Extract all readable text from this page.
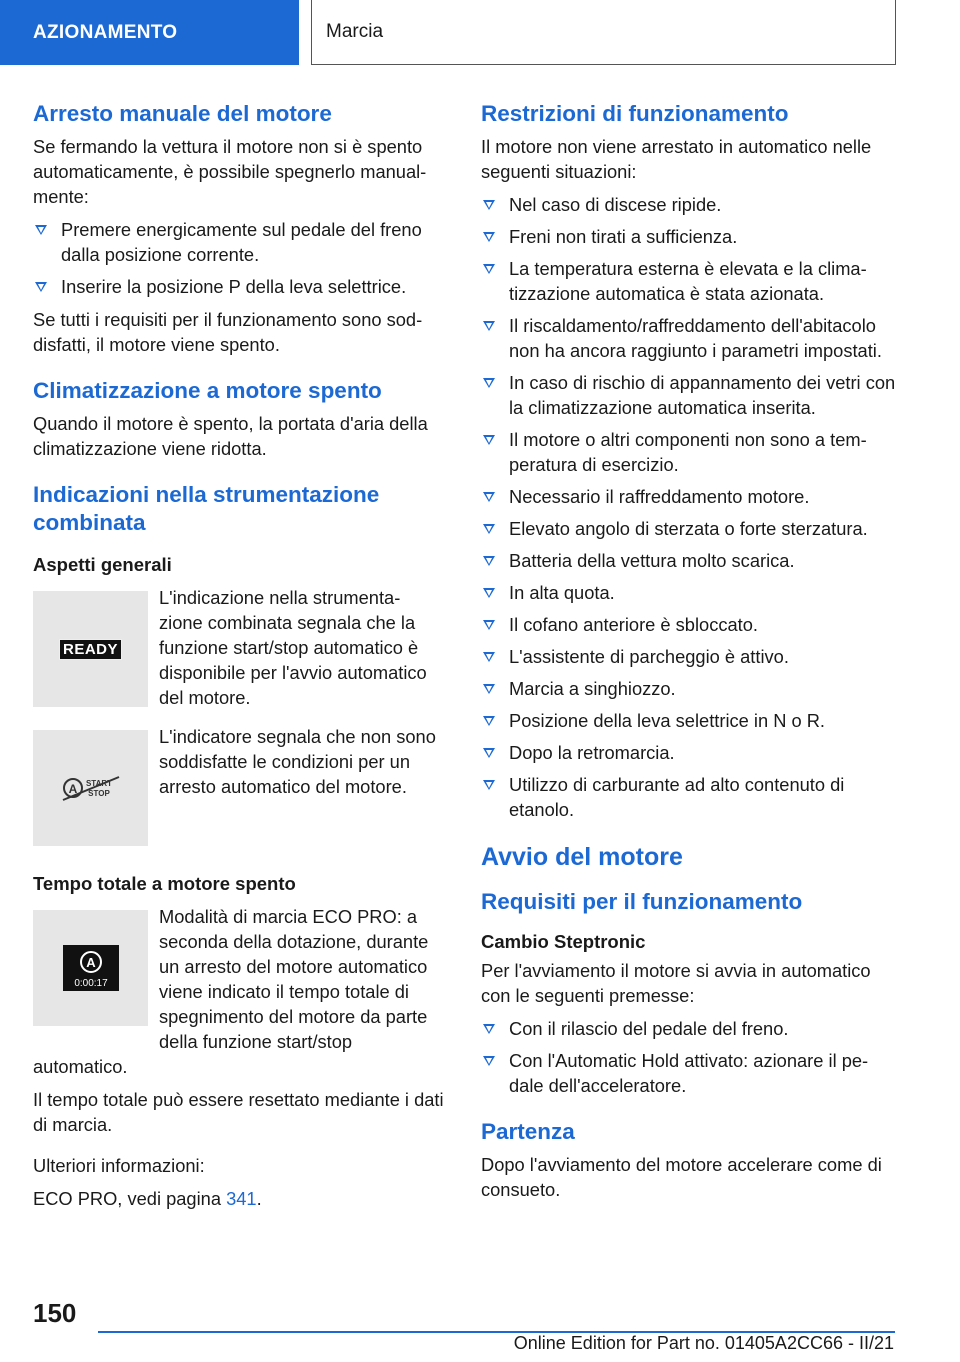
AZIONAMENTO	Marcia
Arresto manuale del motore

Se fermando la vettura il motore non si è spento automaticamente, è possibile spegnerlo manual- mente:

Premere energicamente sul pedale del freno dalla posizione corrente.
Inserire la posizione P della leva selettrice.

Se tutti i requisiti per il funzionamento sono sod- disfatti, il motore viene spento.

Climatizzazione a motore spento

Quando il motore è spento, la portata d'aria della climatizzazione viene ridotta.

Indicazioni nella strumentazione combinata
Aspetti generali
READY
L'indicazione nella strumenta- zione combinata segnala che la funzione start/stop automatico è disponibile per l'avvio automatico del motore.
A START
STOP
L'indicatore segnala che non sono soddisfatte le condizioni per un arresto automatico del motore.
Tempo totale a motore spento
A
0:00:17
Modalità di marcia ECO PRO: a seconda della dotazione, durante un arresto del motore automatico viene indicato il tempo totale di spegnimento del motore da parte della funzione start/stop automatico.

Il tempo totale può essere resettato mediante i dati di marcia.

Ulteriori informazioni:

ECO PRO, vedi pagina 341.

Restrizioni di funzionamento

Il motore non viene arrestato in automatico nelle seguenti situazioni:

Nel caso di discese ripide.
Freni non tirati a sufficienza.
La temperatura esterna è elevata e la clima- tizzazione automatica è stata azionata.
Il riscaldamento/raffreddamento dell'abitacolo non ha ancora raggiunto i parametri impostati.
In caso di rischio di appannamento dei vetri con la climatizzazione automatica inserita.
Il motore o altri componenti non sono a tem- peratura di esercizio.
Necessario il raffreddamento motore.
Elevato angolo di sterzata o forte sterzatura.
Batteria della vettura molto scarica.
In alta quota.
Il cofano anteriore è sbloccato.
L'assistente di parcheggio è attivo.
Marcia a singhiozzo.
Posizione della leva selettrice in N o R.
Dopo la retromarcia.
Utilizzo di carburante ad alto contenuto di etanolo.
Avvio del motore
Requisiti per il funzionamento
Cambio Steptronic

Per l'avviamento il motore si avvia in automatico con le seguenti premesse:

Con il rilascio del pedale del freno.
Con l'Automatic Hold attivato: azionare il pe- dale dell'acceleratore.
Partenza

Dopo l'avviamento del motore accelerare come di consueto.

150
Online Edition for Part no. 01405A2CC66 - II/21
